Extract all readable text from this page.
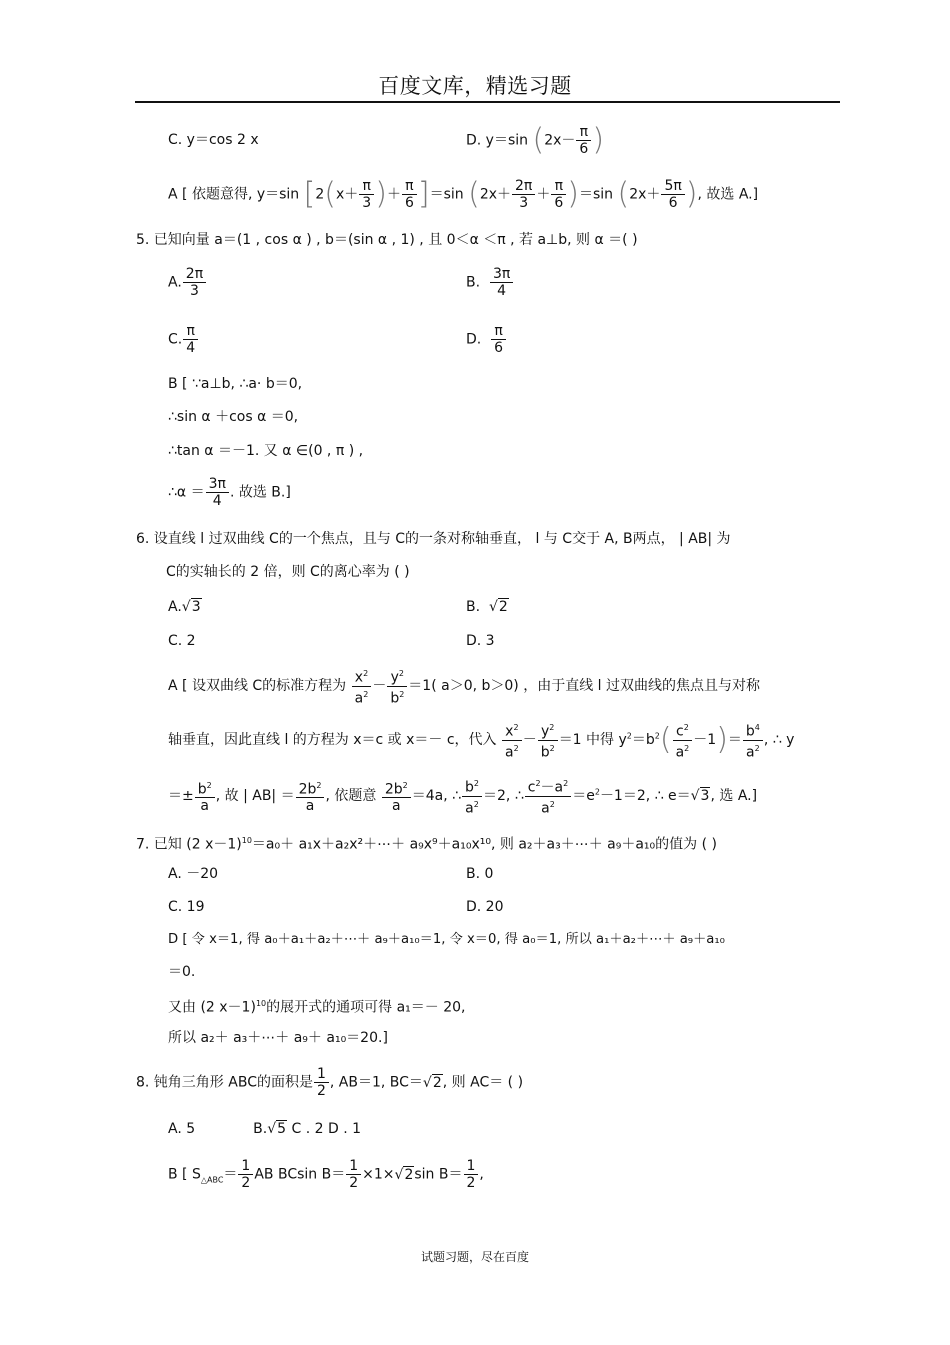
百度文库，精选习题
C. y＝cos 2 x	D. y＝sin ($2x- \frac{\pi}{6}$ )
A [ 依题意得, y＝sin [$2(x+ \frac{\pi}{3}$ )＋ $\frac{\pi}{6} ]=\sin$ $(2x+ \frac{2\pi}{3} + \frac{\pi}{6} )=\sin$ ($2x+ \frac{5\pi}{6}$ ), 故选 A.]
5. 已知向量 a＝(1 , cos α ) , b＝(sin α , 1) , 且 0＜α ＜π , 若 a⊥b, 则 α ＝( )
A. $\frac{2\pi}{3}$	B. $\frac{3\pi}{4}$
C. $\frac{\pi}{4}$	D. $\frac{\pi}{6}$
B [ ∵a⊥b, ∴a· b＝0,
∴sin α ＋cos α ＝0,
∴tan α ＝－1. 又 α ∈(0 , π ) ,
∴α ＝ $\frac{3\pi}{4}$ . 故选 B.]
6. 设直线 l 过双曲线 C的一个焦点，且与 C的一条对称轴垂直， l 与 C交于 A, B两点， | AB| 为
C的实轴长的 2 倍，则 C的离心率为 ( )
A.√3	B. √2
C. 2	D. 3
A [ 设双曲线 C的标准方程为 $\frac{x^2}{a^2} - \frac{y^2}{b^2} =1$( a＞0, b＞0) ，由于直线 l 过双曲线的焦点且与对称
轴垂直，因此直线 l 的方程为 x＝c 或 x＝－ c，代入 $\frac{x^2}{a^2} - \frac{y^2}{b^2} =1$ 中得 $y^2=b^2( \frac{c^2}{a^2} -1)= \frac{b^4}{a^2}$ , ∴ y
＝± $\frac{b^2}{a}$ , 故 | $AB| = \frac{2b^2}{a}$ , 依题意 $\frac{2b^2}{a} =4a$, ∴ $\frac{b^2}{a^2} =2$, ∴ $\frac{c^2-a^2}{a^2} =e^2-1=2$, ∴ e＝√3, 选 A.]
7. 已知 (2 x－1)$^{10}$＝a₀＋ a₁x＋a₂x²＋⋯＋ a₉x⁹＋a₁₀x¹⁰, 则 a₂＋a₃＋⋯＋ a₉＋a₁₀的值为 ( )
A. －20	B. 0
C. 19	D. 20
D [ 令 x＝1, 得 a₀＋a₁＋a₂＋⋯＋ a₉＋a₁₀＝1, 令 x＝0, 得 a₀＝1, 所以 a₁＋a₂＋⋯＋ a₉＋a₁₀
＝0.
又由 (2 x－1)$^{10}$的展开式的通项可得 a₁＝－ 20,
所以 a₂＋ a₃＋⋯＋ a₉＋ a₁₀＝20.]
8. 钝角三角形 ABC的面积是 $\frac{1}{2}$ , AB＝1, BC＝√2, 则 AC＝ ( )
A. 5	B.√5 C . 2 D . 1
B [ $S_{\triangle ABC}= \frac{1}{2}$ AB BCsin $B= \frac{1}{2} \times 1\times√2\sin$ $B= \frac{1}{2}$ ,
试题习题，尽在百度
